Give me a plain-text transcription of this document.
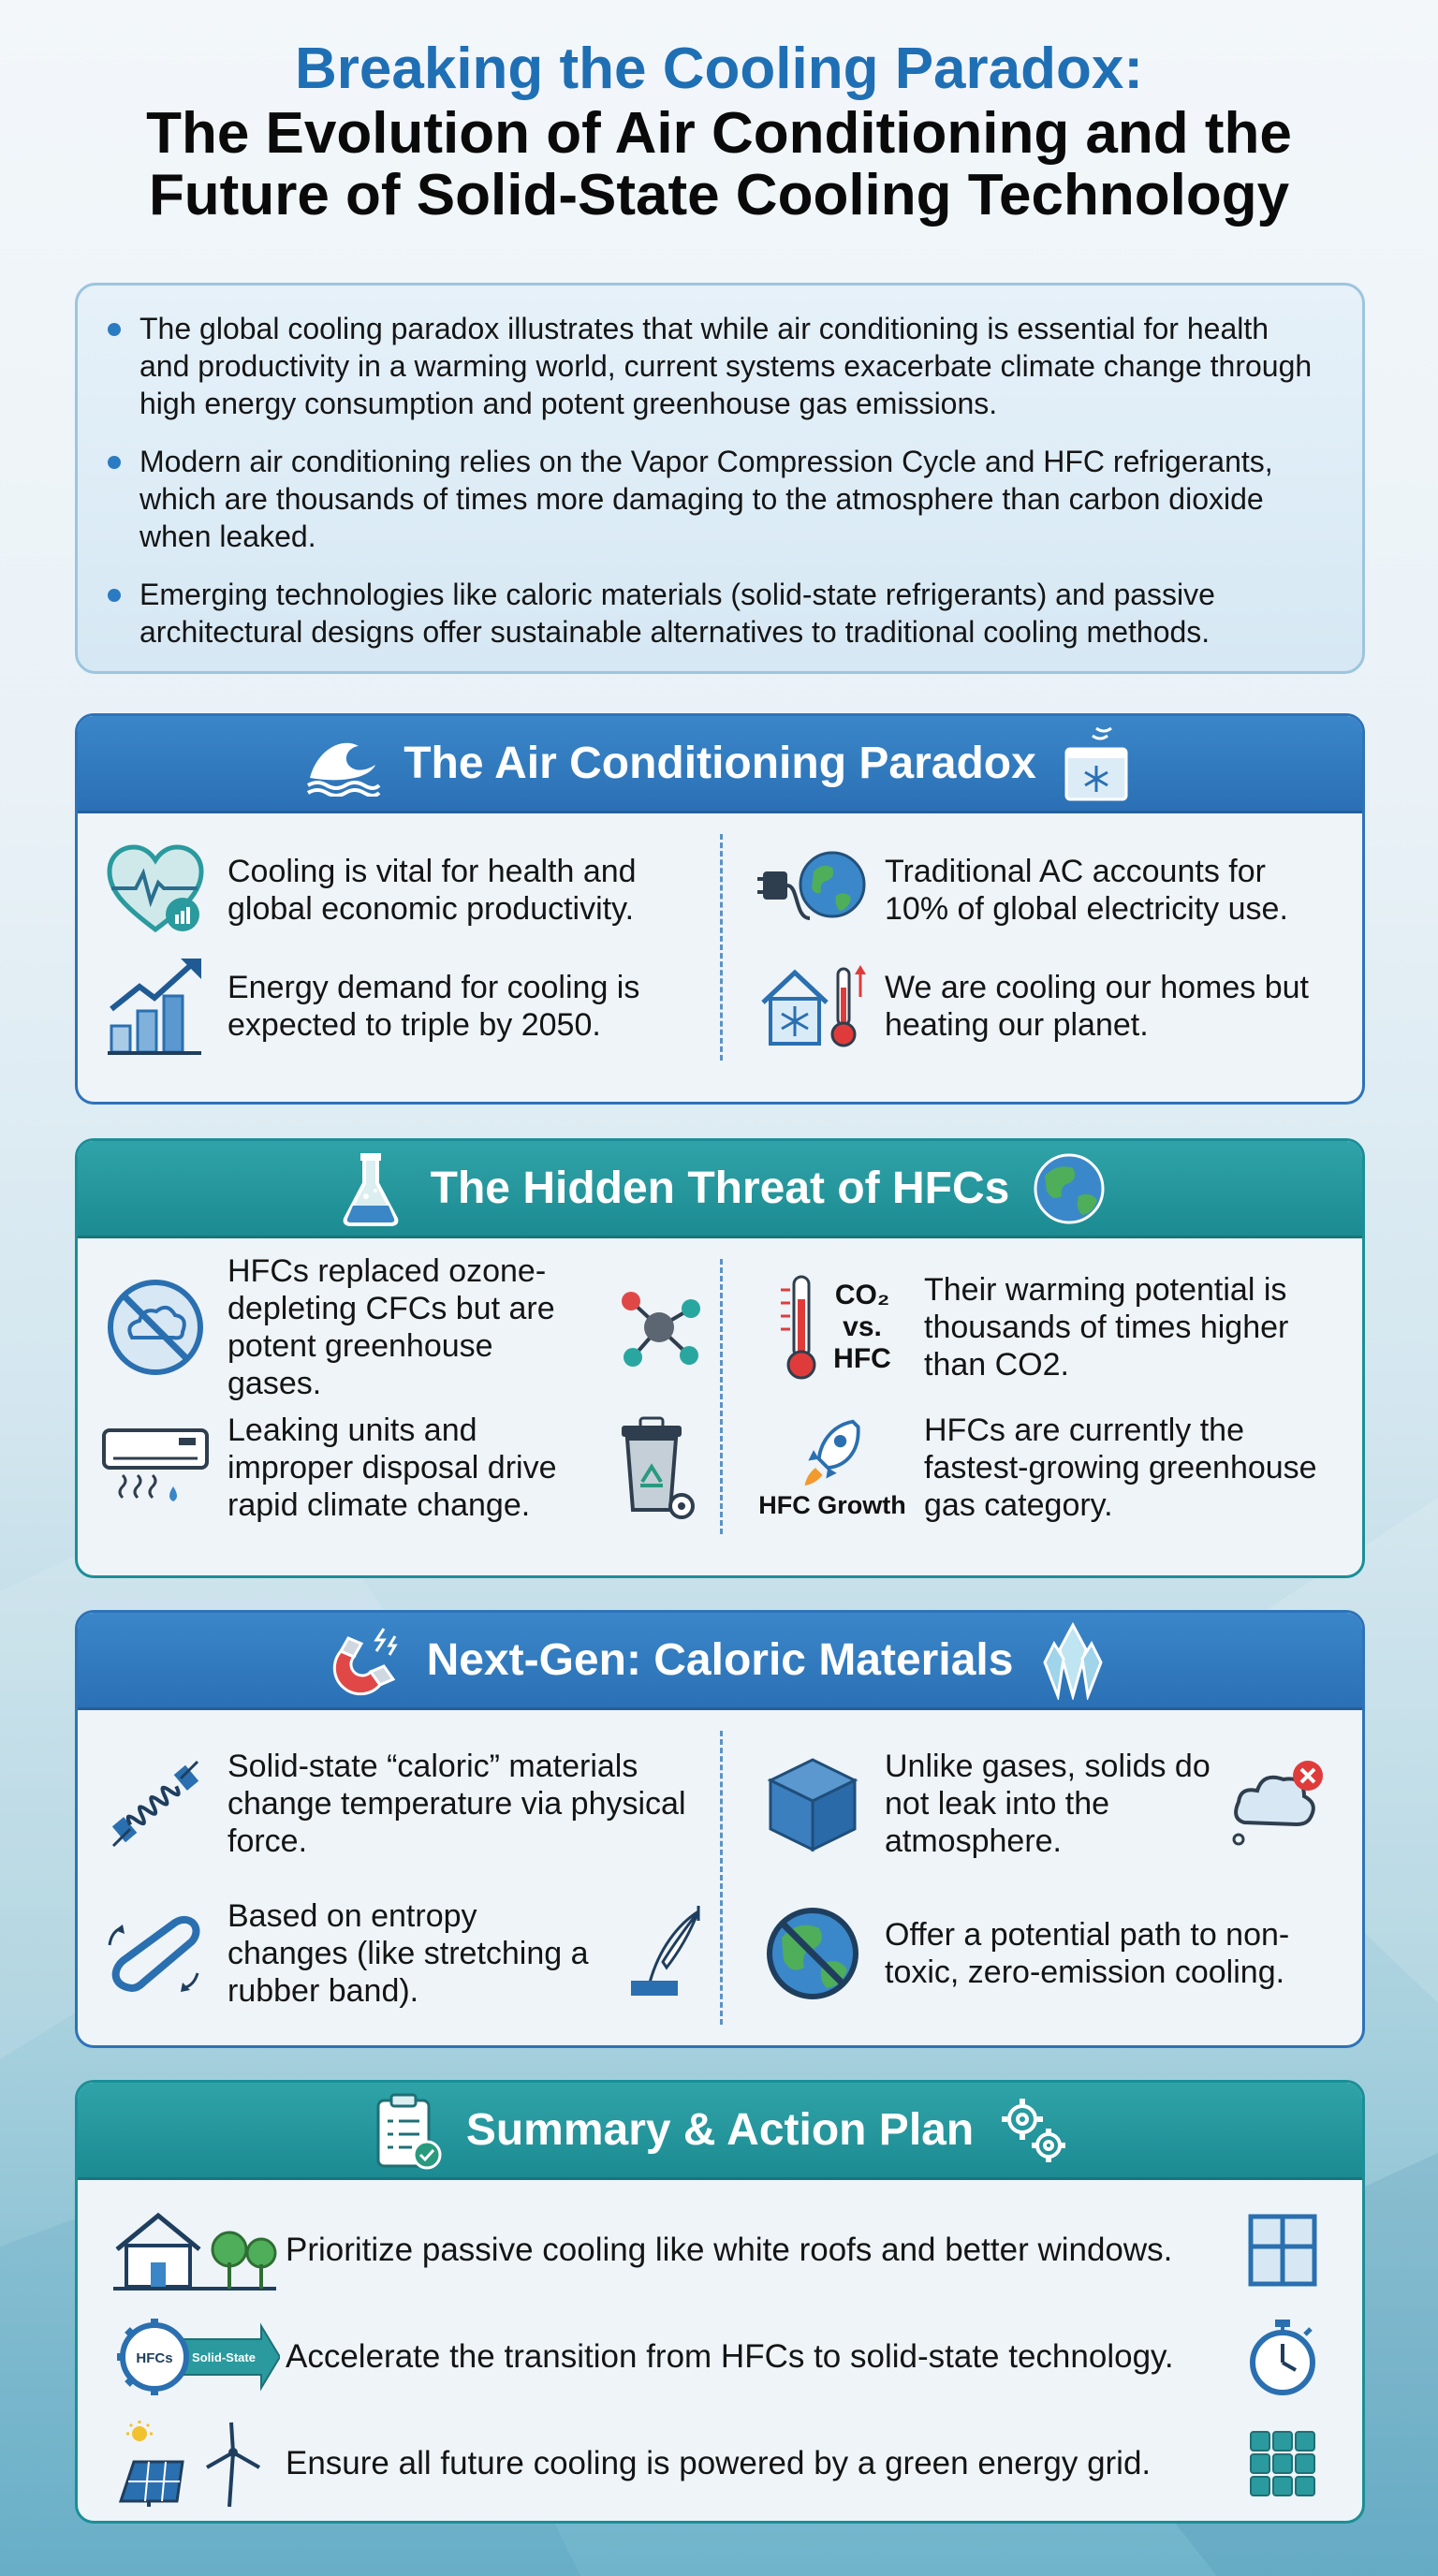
Breaking the Cooling Paradox:
The Evolution of Air Conditioning and the
Future of Solid-State Cooling Technology
The global cooling paradox illustrates that while air conditioning is essential for health and productivity in a warming world, current systems exacerbate climate change through high energy consumption and potent greenhouse gas emissions.
Modern air conditioning relies on the Vapor Compression Cycle and HFC refrigerants, which are thousands of times more damaging to the atmosphere than carbon dioxide when leaked.
Emerging technologies like caloric materials (solid-state refrigerants) and passive architectural designs offer sustainable alternatives to traditional cooling methods.
The Air Conditioning Paradox
Cooling is vital for health and global economic productivity.
Traditional AC accounts for 10% of global electricity use.
Energy demand for cooling is expected to triple by 2050.
We are cooling our homes but heating our planet.
The Hidden Threat of HFCs
HFCs replaced ozone-depleting CFCs but are potent greenhouse gases.
CO₂
vs.
HFC
Their warming potential is thousands of times higher than CO2.
Leaking units and improper disposal drive rapid climate change.	HFC Growth
HFCs are currently the fastest-growing greenhouse gas category.
Next-Gen: Caloric Materials
Solid-state “caloric” materials change temperature via physical force.
Unlike gases, solids do not leak into the atmosphere.
Based on entropy changes (like stretching a rubber band).
Offer a potential path to non-toxic, zero-emission cooling.
Summary & Action Plan
Prioritize passive cooling like white roofs and better windows.
HFCs Solid-State Accelerate the transition from HFCs to solid-state technology.
Ensure all future cooling is powered by a green energy grid.
